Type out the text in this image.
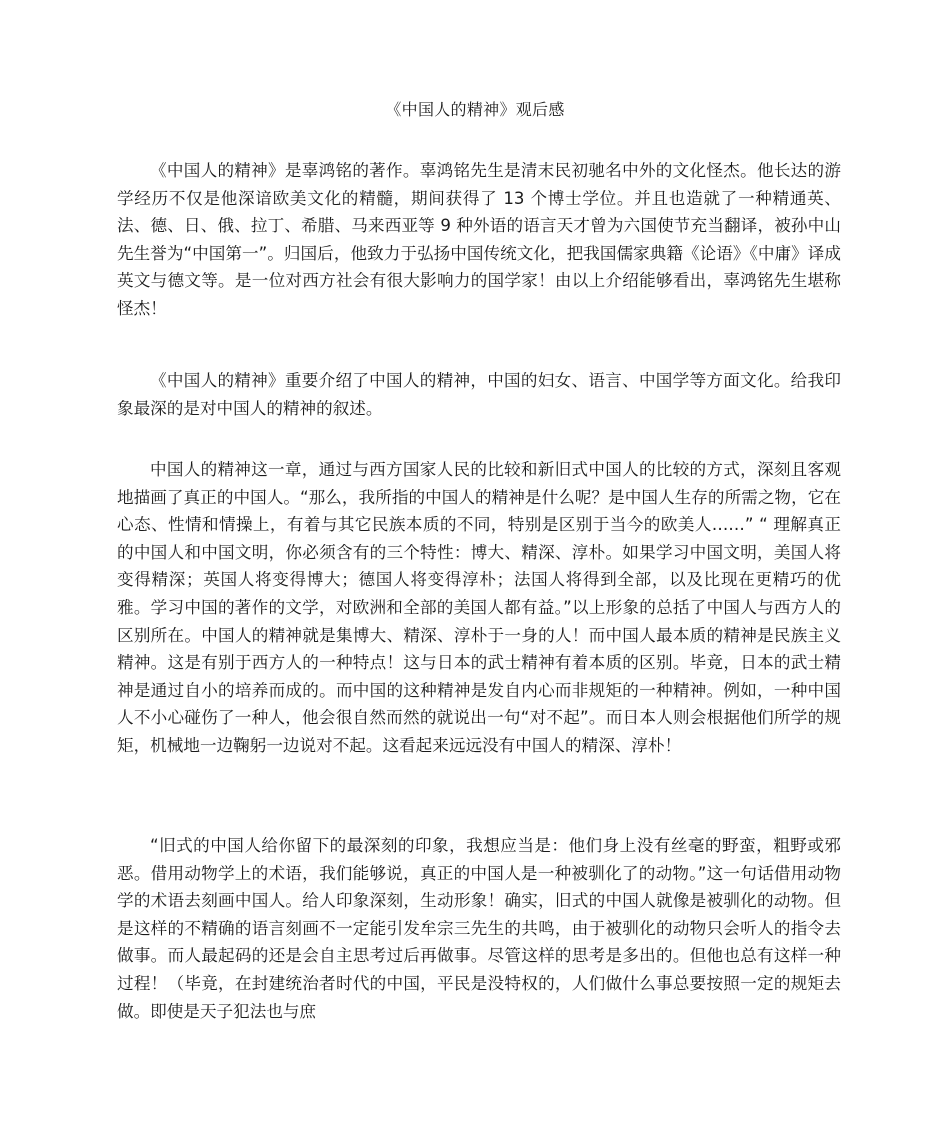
《中国人的精神》观后感

《中国人的精神》是辜鸿铭的著作。辜鸿铭先生是清末民初驰名中外的文化怪杰。他长达的游学经历不仅是他深谙欧美文化的精髓，期间获得了 13 个博士学位。并且也造就了一种精通英、法、德、日、俄、拉丁、希腊、马来西亚等 9 种外语的语言天才曾为六国使节充当翻译，被孙中山先生誉为“中国第一”。归国后，他致力于弘扬中国传统文化，把我国儒家典籍《论语》《中庸》译成英文与德文等。是一位对西方社会有很大影响力的国学家！由以上介绍能够看出，辜鸿铭先生堪称怪杰！

《中国人的精神》重要介绍了中国人的精神，中国的妇女、语言、中国学等方面文化。给我印象最深的是对中国人的精神的叙述。

中国人的精神这一章，通过与西方国家人民的比较和新旧式中国人的比较的方式，深刻且客观地描画了真正的中国人。“那么，我所指的中国人的精神是什么呢？是中国人生存的所需之物，它在心态、性情和情操上，有着与其它民族本质的不同，特别是区别于当今的欧美人……” “ 理解真正的中国人和中国文明，你必须含有的三个特性：博大、精深、淳朴。如果学习中国文明，美国人将变得精深；英国人将变得博大；德国人将变得淳朴；法国人将得到全部，以及比现在更精巧的优雅。学习中国的著作的文学，对欧洲和全部的美国人都有益。”以上形象的总括了中国人与西方人的区别所在。中国人的精神就是集博大、精深、淳朴于一身的人！而中国人最本质的精神是民族主义精神。这是有别于西方人的一种特点！这与日本的武士精神有着本质的区别。毕竟，日本的武士精神是通过自小的培养而成的。而中国的这种精神是发自内心而非规矩的一种精神。例如，一种中国人不小心碰伤了一种人，他会很自然而然的就说出一句“对不起”。而日本人则会根据他们所学的规矩，机械地一边鞠躬一边说对不起。这看起来远远没有中国人的精深、淳朴！

“旧式的中国人给你留下的最深刻的印象，我想应当是：他们身上没有丝毫的野蛮，粗野或邪恶。借用动物学上的术语，我们能够说，真正的中国人是一种被驯化了的动物。”这一句话借用动物学的术语去刻画中国人。给人印象深刻，生动形象！确实，旧式的中国人就像是被驯化的动物。但是这样的不精确的语言刻画不一定能引发牟宗三先生的共鸣，由于被驯化的动物只会听人的指令去做事。而人最起码的还是会自主思考过后再做事。尽管这样的思考是多出的。但他也总有这样一种过程！（毕竟，在封建统治者时代的中国，平民是没特权的，人们做什么事总要按照一定的规矩去做。即使是天子犯法也与庶
